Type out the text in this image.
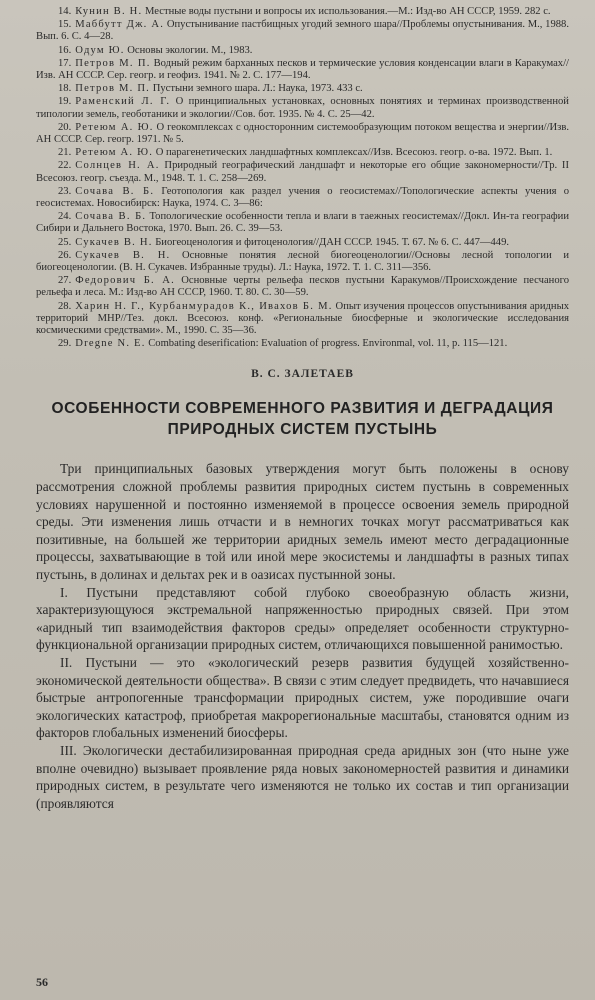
14. Кунин В. Н. Местные воды пустыни и вопросы их использования.—М.: Изд-во АН СССР, 1959. 282 с.

15. Маббутт Дж. А. Опустынивание пастбищных угодий земного шара//Проблемы опустынивания. М., 1988. Вып. 6. С. 4—28.

16. Одум Ю. Основы экологии. М., 1983.

17. Петров М. П. Водный режим барханных песков и термические условия конденсации влаги в Каракумах//Изв. АН СССР. Сер. геогр. и геофиз. 1941. № 2. С. 177—194.

18. Петров М. П. Пустыни земного шара. Л.: Наука, 1973. 433 с.

19. Раменский Л. Г. О принципиальных установках, основных понятиях и терминах производственной типологии земель, геоботаники и экологии//Сов. бот. 1935. № 4. С. 25—42.

20. Ретеюм А. Ю. О геокомплексах с односторонним системообразующим потоком вещества и энергии//Изв. АН СССР. Сер. геогр. 1971. № 5.

21. Ретеюм А. Ю. О парагенетических ландшафтных комплексах//Изв. Всесоюз. геогр. о-ва. 1972. Вып. 1.

22. Солнцев Н. А. Природный географический ландшафт и некоторые его общие закономерности//Тр. II Всесоюз. геогр. съезда. М., 1948. Т. 1. С. 258—269.

23. Сочава В. Б. Геотопология как раздел учения о геосистемах//Топологические аспекты учения о геосистемах. Новосибирск: Наука, 1974. С. 3—86:

24. Сочава В. Б. Топологические особенности тепла и влаги в таежных геосистемах//Докл. Ин-та географии Сибири и Дальнего Востока, 1970. Вып. 26. С. 39—53.

25. Сукачев В. Н. Биогеоценология и фитоценология//ДАН СССР. 1945. Т. 67. № 6. С. 447—449.

26. Сукачев В. Н. Основные понятия лесной биогеоценологии//Основы лесной топологии и биогеоценологии. (В. Н. Сукачев. Избранные труды). Л.: Наука, 1972. Т. 1. С. 311—356.

27. Федорович Б. А. Основные черты рельефа песков пустыни Каракумов//Происхождение песчаного рельефа и леса. М.: Изд-во АН СССР, 1960. Т. 80. С. 30—59.

28. Харин Н. Г., Курбанмурадов К., Ивахов Б. М. Опыт изучения процессов опустынивания аридных территорий МНР//Тез. докл. Всесоюз. конф. «Региональные биосферные и экологические исследования космическими средствами». М., 1990. С. 35—36.

29. Dregne N. E. Combating deserification: Evaluation of progress. Environmal, vol. 11, p. 115—121.

В. С. ЗАЛЕТАЕВ
ОСОБЕННОСТИ СОВРЕМЕННОГО РАЗВИТИЯ И ДЕГРАДАЦИЯ
ПРИРОДНЫХ СИСТЕМ ПУСТЫНЬ

Три принципиальных базовых утверждения могут быть положены в основу рассмотрения сложной проблемы развития природных систем пустынь в современных условиях нарушенной и постоянно изменяемой в процессе освоения земель природной среды. Эти изменения лишь отчасти и в немногих точках могут рассматриваться как позитивные, на большей же территории аридных земель имеют место деградационные процессы, захватывающие в той или иной мере экосистемы и ландшафты в разных типах пустынь, в долинах и дельтах рек и в оазисах пустынной зоны.

I. Пустыни представляют собой глубоко своеобразную область жизни, характеризующуюся экстремальной напряженностью природных связей. При этом «аридный тип взаимодействия факторов среды» определяет особенности структурно-функциональной организации природных систем, отличающихся повышенной ранимостью.

II. Пустыни — это «экологический резерв развития будущей хозяйственно-экономической деятельности общества». В связи с этим следует предвидеть, что начавшиеся быстрые антропогенные трансформации природных систем, уже породившие очаги экологических катастроф, приобретая макрорегиональные масштабы, становятся одним из факторов глобальных изменений биосферы.

III. Экологически дестабилизированная природная среда аридных зон (что ныне уже вполне очевидно) вызывает проявление ряда новых закономерностей развития и динамики природных систем, в результате чего изменяются не только их состав и тип организации (проявляются

56
